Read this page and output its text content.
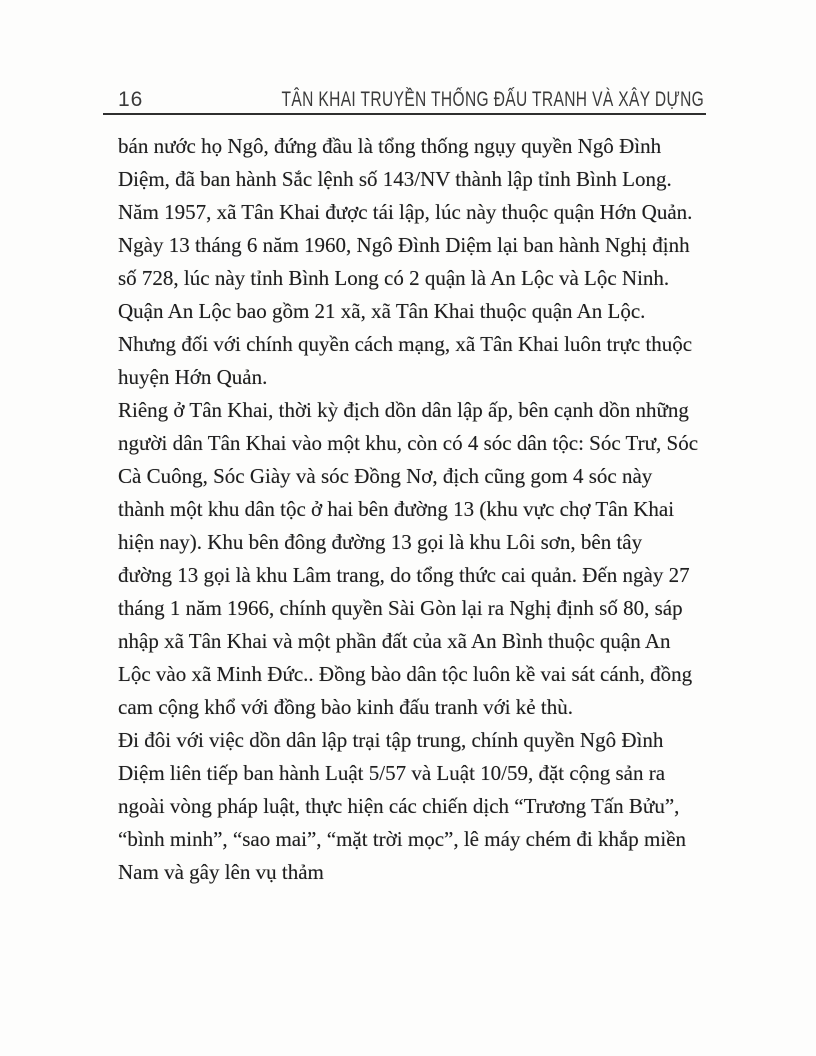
16	TÂN KHAI TRUYỀN THỐNG ĐẤU TRANH VÀ XÂY DỰNG

bán nước họ Ngô, đứng đầu là tổng thống ngụy quyền Ngô Đình Diệm, đã ban hành Sắc lệnh số 143/NV thành lập tỉnh Bình Long. Năm 1957, xã Tân Khai được tái lập, lúc này thuộc quận Hớn Quản. Ngày 13 tháng 6 năm 1960, Ngô Đình Diệm lại ban hành Nghị định số 728, lúc này tỉnh Bình Long có 2 quận là An Lộc và Lộc Ninh. Quận An Lộc bao gồm 21 xã, xã Tân Khai thuộc quận An Lộc. Nhưng đối với chính quyền cách mạng, xã Tân Khai luôn trực thuộc huyện Hớn Quản.

Riêng ở Tân Khai, thời kỳ địch dồn dân lập ấp, bên cạnh dồn những người dân Tân Khai vào một khu, còn có 4 sóc dân tộc: Sóc Trư, Sóc Cà Cuông, Sóc Giày và sóc Đồng Nơ, địch cũng gom 4 sóc này thành một khu dân tộc ở hai bên đường 13 (khu vực chợ Tân Khai hiện nay). Khu bên đông đường 13 gọi là khu Lôi sơn, bên tây đường 13 gọi là khu Lâm trang, do tổng thức cai quản. Đến ngày 27 tháng 1 năm 1966, chính quyền Sài Gòn lại ra Nghị định số 80, sáp nhập xã Tân Khai và một phần đất của xã An Bình thuộc quận An Lộc vào xã Minh Đức.. Đồng bào dân tộc luôn kề vai sát cánh, đồng cam cộng khổ với đồng bào kinh đấu tranh với kẻ thù.

Đi đôi với việc dồn dân lập trại tập trung, chính quyền Ngô Đình Diệm liên tiếp ban hành Luật 5/57 và Luật 10/59, đặt cộng sản ra ngoài vòng pháp luật, thực hiện các chiến dịch “Trương Tấn Bửu”, “bình minh”, “sao mai”, “mặt trời mọc”, lê máy chém đi khắp miền Nam và gây lên vụ thảm
